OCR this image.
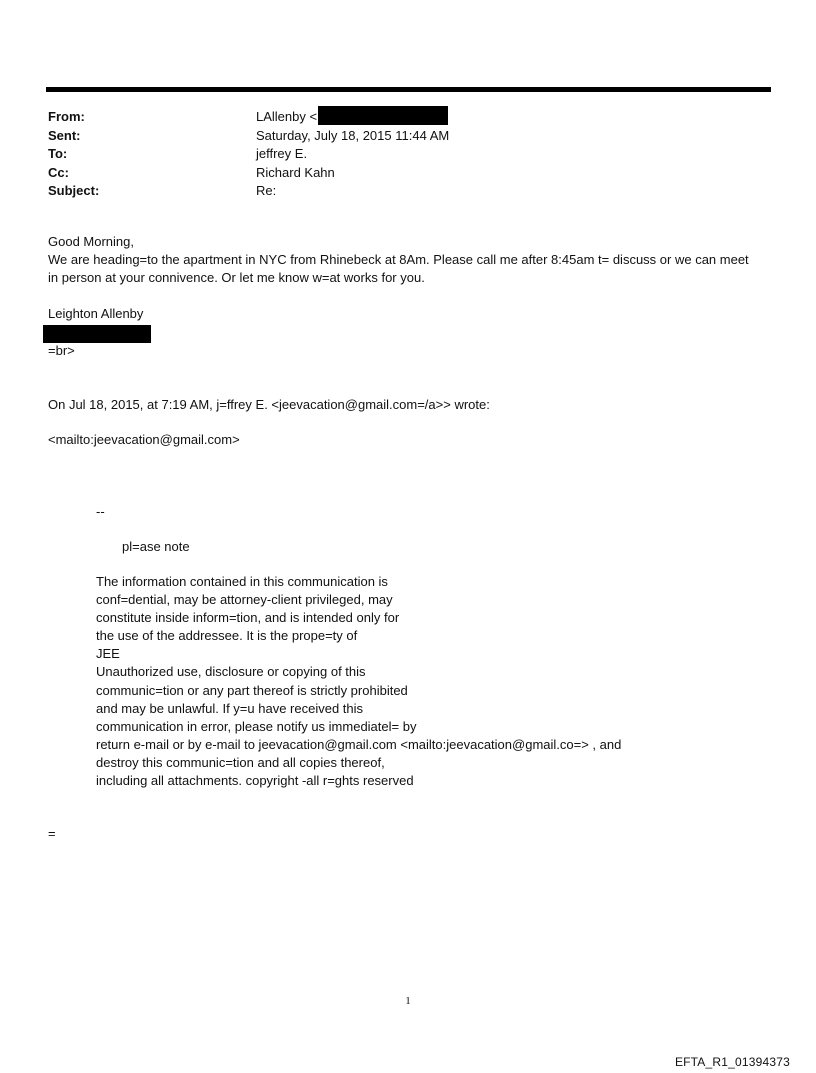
From:	LAllenby <
Sent:	Saturday, July 18, 2015 11:44 AM
To:	jeffrey E.
Cc:	Richard Kahn
Subject:	Re:
Good Morning,
We are heading=to the apartment in NYC from Rhinebeck at 8Am. Please call me after 8:45am t= discuss or we can meet
in person at your connivence. Or let me know w=at works for you.
Leighton Allenby
=br>
On Jul 18, 2015, at 7:19 AM, j=ffrey E. <jeevacation@gmail.com=/a>> wrote:
<mailto:jeevacation@gmail.com>
--
pl=ase note
The information contained in this communication is
conf=dential, may be attorney-client privileged, may
constitute inside inform=tion, and is intended only for
the use of the addressee. It is the prope=ty of
JEE
Unauthorized use, disclosure or copying of this
communic=tion or any part thereof is strictly prohibited
and may be unlawful. If y=u have received this
communication in error, please notify us immediatel= by
return e-mail or by e-mail to jeevacation@gmail.com <mailto:jeevacation@gmail.co=> , and
destroy this communic=tion and all copies thereof,
including all attachments. copyright -all r=ghts reserved
=
1
EFTA_R1_01394373
